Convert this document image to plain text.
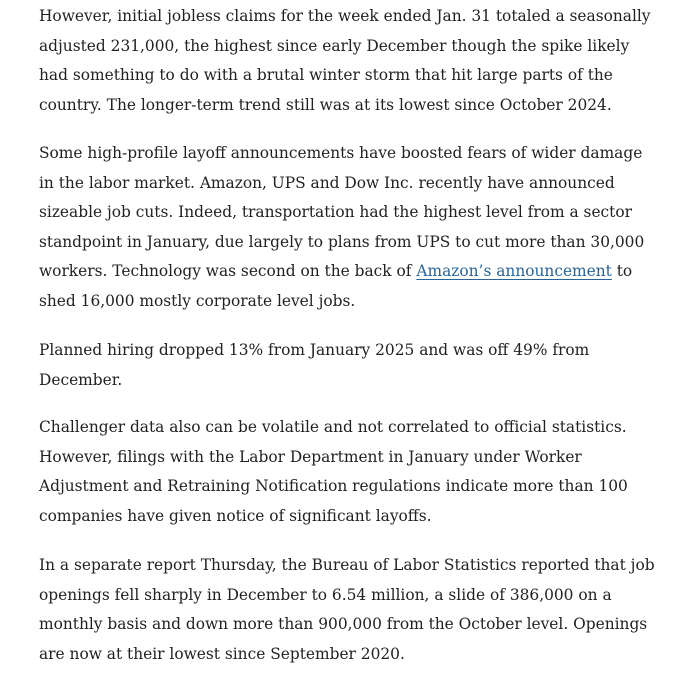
However, initial jobless claims for the week ended Jan. 31 totaled a seasonally
adjusted 231,000, the highest since early December though the spike likely
had something to do with a brutal winter storm that hit large parts of the
country. The longer-term trend still was at its lowest since October 2024.

Some high-profile layoff announcements have boosted fears of wider damage
in the labor market. Amazon, UPS and Dow Inc. recently have announced
sizeable job cuts. Indeed, transportation had the highest level from a sector
standpoint in January, due largely to plans from UPS to cut more than 30,000
workers. Technology was second on the back of Amazon’s announcement to
shed 16,000 mostly corporate level jobs.

Planned hiring dropped 13% from January 2025 and was off 49% from
December.

Challenger data also can be volatile and not correlated to official statistics.
However, filings with the Labor Department in January under Worker
Adjustment and Retraining Notification regulations indicate more than 100
companies have given notice of significant layoffs.

In a separate report Thursday, the Bureau of Labor Statistics reported that job
openings fell sharply in December to 6.54 million, a slide of 386,000 on a
monthly basis and down more than 900,000 from the October level. Openings
are now at their lowest since September 2020.
